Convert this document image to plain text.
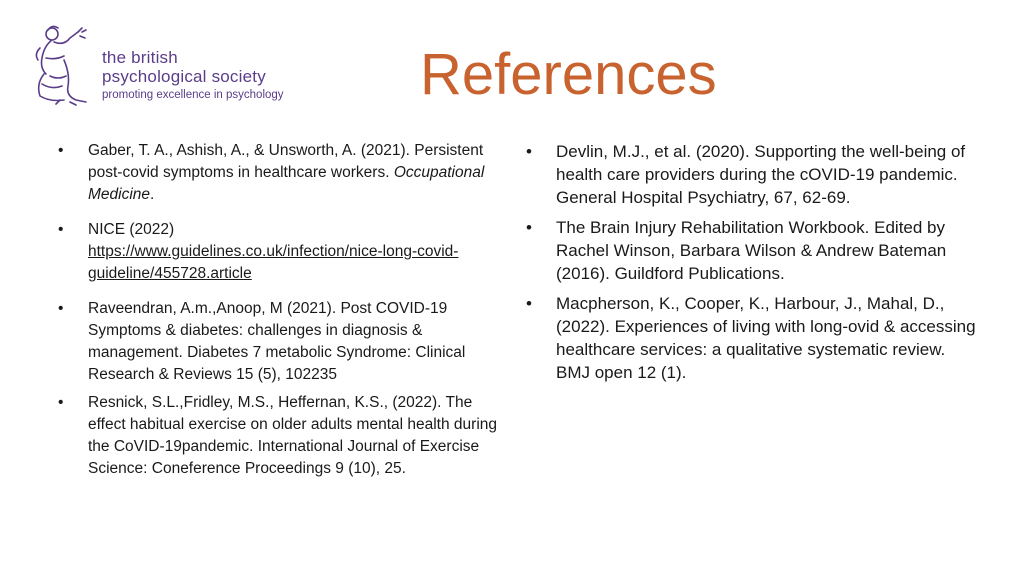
the british
psychological society
promoting excellence in psychology References
• Gaber, T. A., Ashish, A., & Unsworth, A. (2021). Persistent post-covid symptoms in healthcare workers. Occupational Medicine.
• NICE (2022)
https://www.guidelines.co.uk/infection/nice-long-covid-guideline/455728.article
• Raveendran, A.m.,Anoop, M (2021). Post COVID-19 Symptoms & diabetes: challenges in diagnosis & management. Diabetes 7 metabolic Syndrome: Clinical Research & Reviews 15 (5), 102235
• Resnick, S.L.,Fridley, M.S., Heffernan, K.S., (2022). The effect habitual exercise on older adults mental health during the CoVID-19pandemic. International Journal of Exercise Science: Coneference Proceedings 9 (10), 25.
• Devlin, M.J., et al. (2020). Supporting the well-being of health care providers during the cOVID-19 pandemic. General Hospital Psychiatry, 67, 62-69.
• The Brain Injury Rehabilitation Workbook. Edited by Rachel Winson, Barbara Wilson & Andrew Bateman (2016). Guildford Publications.
• Macpherson, K., Cooper, K., Harbour, J., Mahal, D., (2022). Experiences of living with long-ovid & accessing healthcare services: a qualitative systematic review. BMJ open 12 (1).
